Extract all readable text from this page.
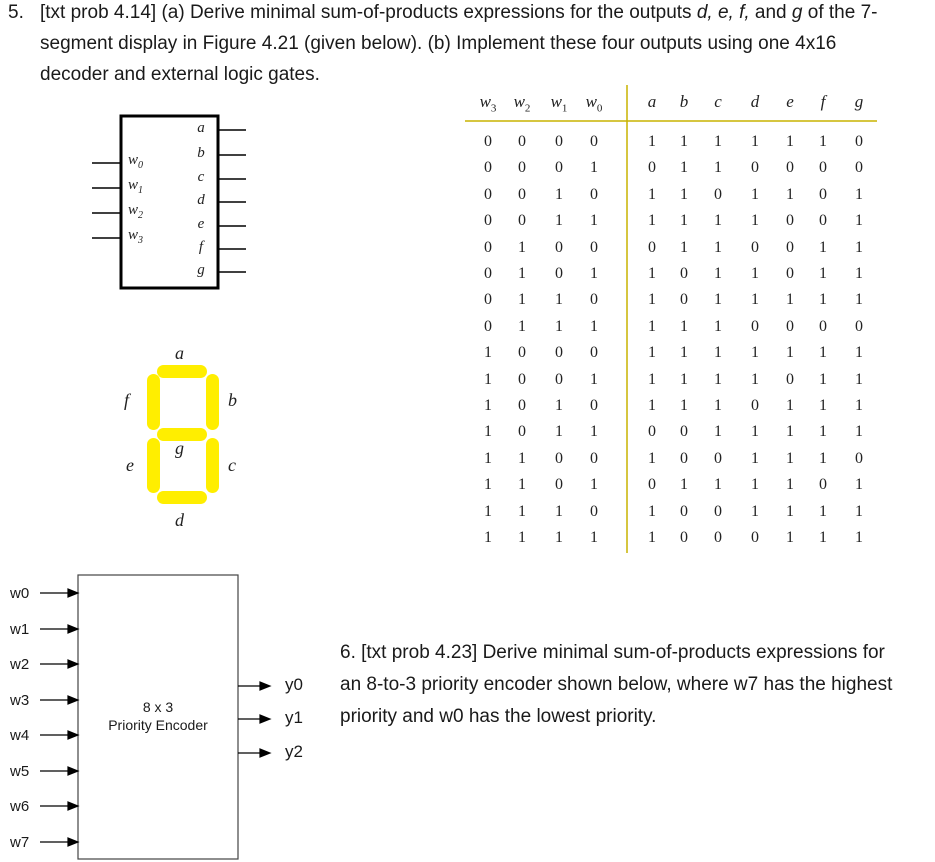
5. [txt prob 4.14] (a) Derive minimal sum-of-products expressions for the outputs d, e, f, and g of the 7-
segment display in Figure 4.21 (given below). (b) Implement these four outputs using one 4x16
decoder and external logic gates.
$w_0$
$w_1$
$w_2$
$w_3$
a
b
c
d
e
f
g
a
b
c
d
e
f
g
$w_3$	$w_2$	$w_1$	$w_0$	a	b	c	d	e	f	g
0	0	0	0	1	1	1	1	1	1	0
0	0	0	1	0	1	1	0	0	0	0
0	0	1	0	1	1	0	1	1	0	1
0	0	1	1	1	1	1	1	0	0	1
0	1	0	0	0	1	1	0	0	1	1
0	1	0	1	1	0	1	1	0	1	1
0	1	1	0	1	0	1	1	1	1	1
0	1	1	1	1	1	1	0	0	0	0
1	0	0	0	1	1	1	1	1	1	1
1	0	0	1	1	1	1	1	0	1	1
1	0	1	0	1	1	1	0	1	1	1
1	0	1	1	0	0	1	1	1	1	1
1	1	0	0	1	0	0	1	1	1	0
1	1	0	1	0	1	1	1	1	0	1
1	1	1	0	1	0	0	1	1	1	1
1	1	1	1	1	0	0	0	1	1	1
w0
w1
w2
w3
w4
w5
w6
w7
8 x 3
Priority Encoder
y0
y1
y2
6. [txt prob 4.23] Derive minimal sum-of-products expressions for
an 8-to-3 priority encoder shown below, where w7 has the highest
priority and w0 has the lowest priority.
